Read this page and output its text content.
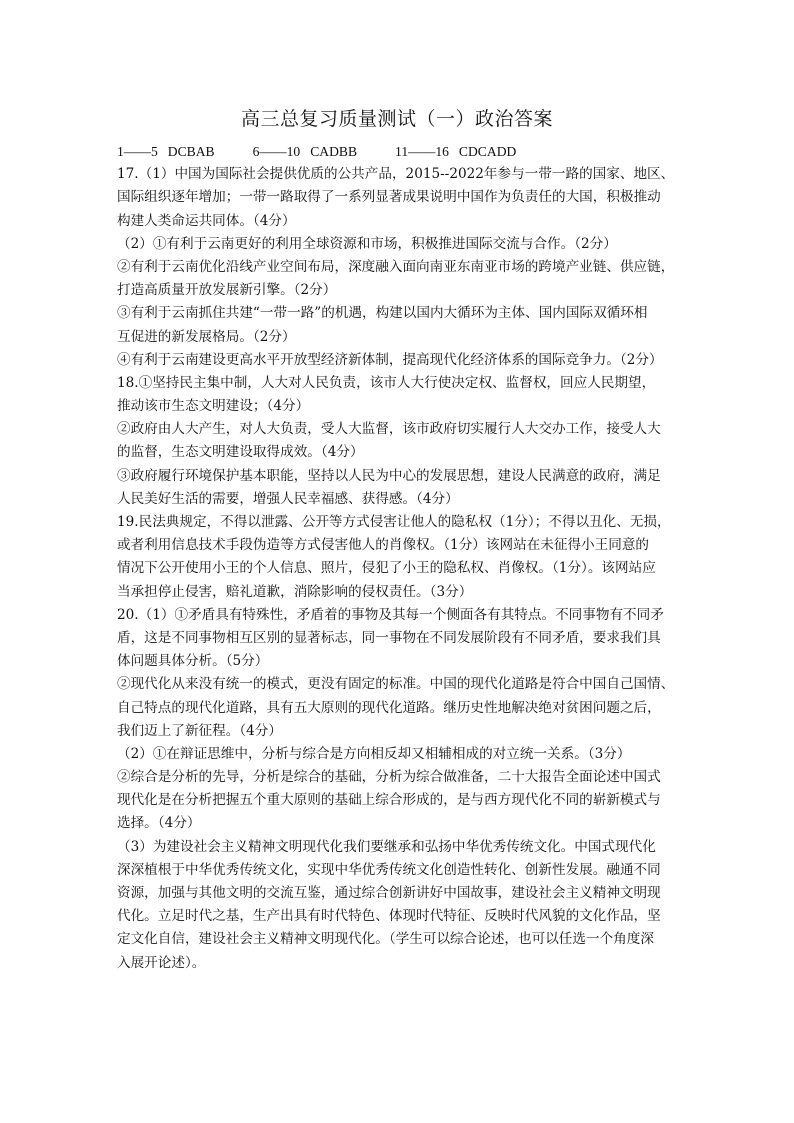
高三总复习质量测试（一）政治答案
1——5 DCBAB	6——10 CADBB	11——16 CDCADD
17.（1）中国为国际社会提供优质的公共产品，2015--2022年参与一带一路的国家、地区、
国际组织逐年增加；一带一路取得了一系列显著成果说明中国作为负责任的大国，积极推动
构建人类命运共同体。（4分）
（2）①有利于云南更好的利用全球资源和市场，积极推进国际交流与合作。（2分）
②有利于云南优化沿线产业空间布局，深度融入面向南亚东南亚市场的跨境产业链、供应链，
打造高质量开放发展新引擎。（2分）
③有利于云南抓住共建“一带一路”的机遇，构建以国内大循环为主体、国内国际双循环相
互促进的新发展格局。（2分）
④有利于云南建设更高水平开放型经济新体制，提高现代化经济体系的国际竞争力。（2分）
18.①坚持民主集中制，人大对人民负责，该市人大行使决定权、监督权，回应人民期望，
推动该市生态文明建设；（4分）
②政府由人大产生，对人大负责，受人大监督，该市政府切实履行人大交办工作，接受人大
的监督，生态文明建设取得成效。（4分）
③政府履行环境保护基本职能，坚持以人民为中心的发展思想，建设人民满意的政府，满足
人民美好生活的需要，增强人民幸福感、获得感。（4分）
19.民法典规定，不得以泄露、公开等方式侵害让他人的隐私权（1分）；不得以丑化、无损，
或者利用信息技术手段伪造等方式侵害他人的肖像权。（1分）该网站在未征得小王同意的
情况下公开使用小王的个人信息、照片，侵犯了小王的隐私权、肖像权。（1分）。该网站应
当承担停止侵害，赔礼道歉，消除影响的侵权责任。（3分）
20.（1）①矛盾具有特殊性，矛盾着的事物及其每一个侧面各有其特点。不同事物有不同矛
盾，这是不同事物相互区别的显著标志，同一事物在不同发展阶段有不同矛盾，要求我们具
体问题具体分析。（5分）
②现代化从来没有统一的模式，更没有固定的标准。中国的现代化道路是符合中国自己国情、
自己特点的现代化道路，具有五大原则的现代化道路。继历史性地解决绝对贫困问题之后，
我们迈上了新征程。（4分）
（2）①在辩证思维中，分析与综合是方向相反却又相辅相成的对立统一关系。（3分）
②综合是分析的先导，分析是综合的基础，分析为综合做准备，二十大报告全面论述中国式
现代化是在分析把握五个重大原则的基础上综合形成的，是与西方现代化不同的崭新模式与
选择。（4分）
（3）为建设社会主义精神文明现代化我们要继承和弘扬中华优秀传统文化。中国式现代化
深深植根于中华优秀传统文化，实现中华优秀传统文化创造性转化、创新性发展。融通不同
资源，加强与其他文明的交流互鉴，通过综合创新讲好中国故事，建设社会主义精神文明现
代化。立足时代之基，生产出具有时代特色、体现时代特征、反映时代风貌的文化作品，坚
定文化自信，建设社会主义精神文明现代化。（学生可以综合论述，也可以任选一个角度深
入展开论述）。
